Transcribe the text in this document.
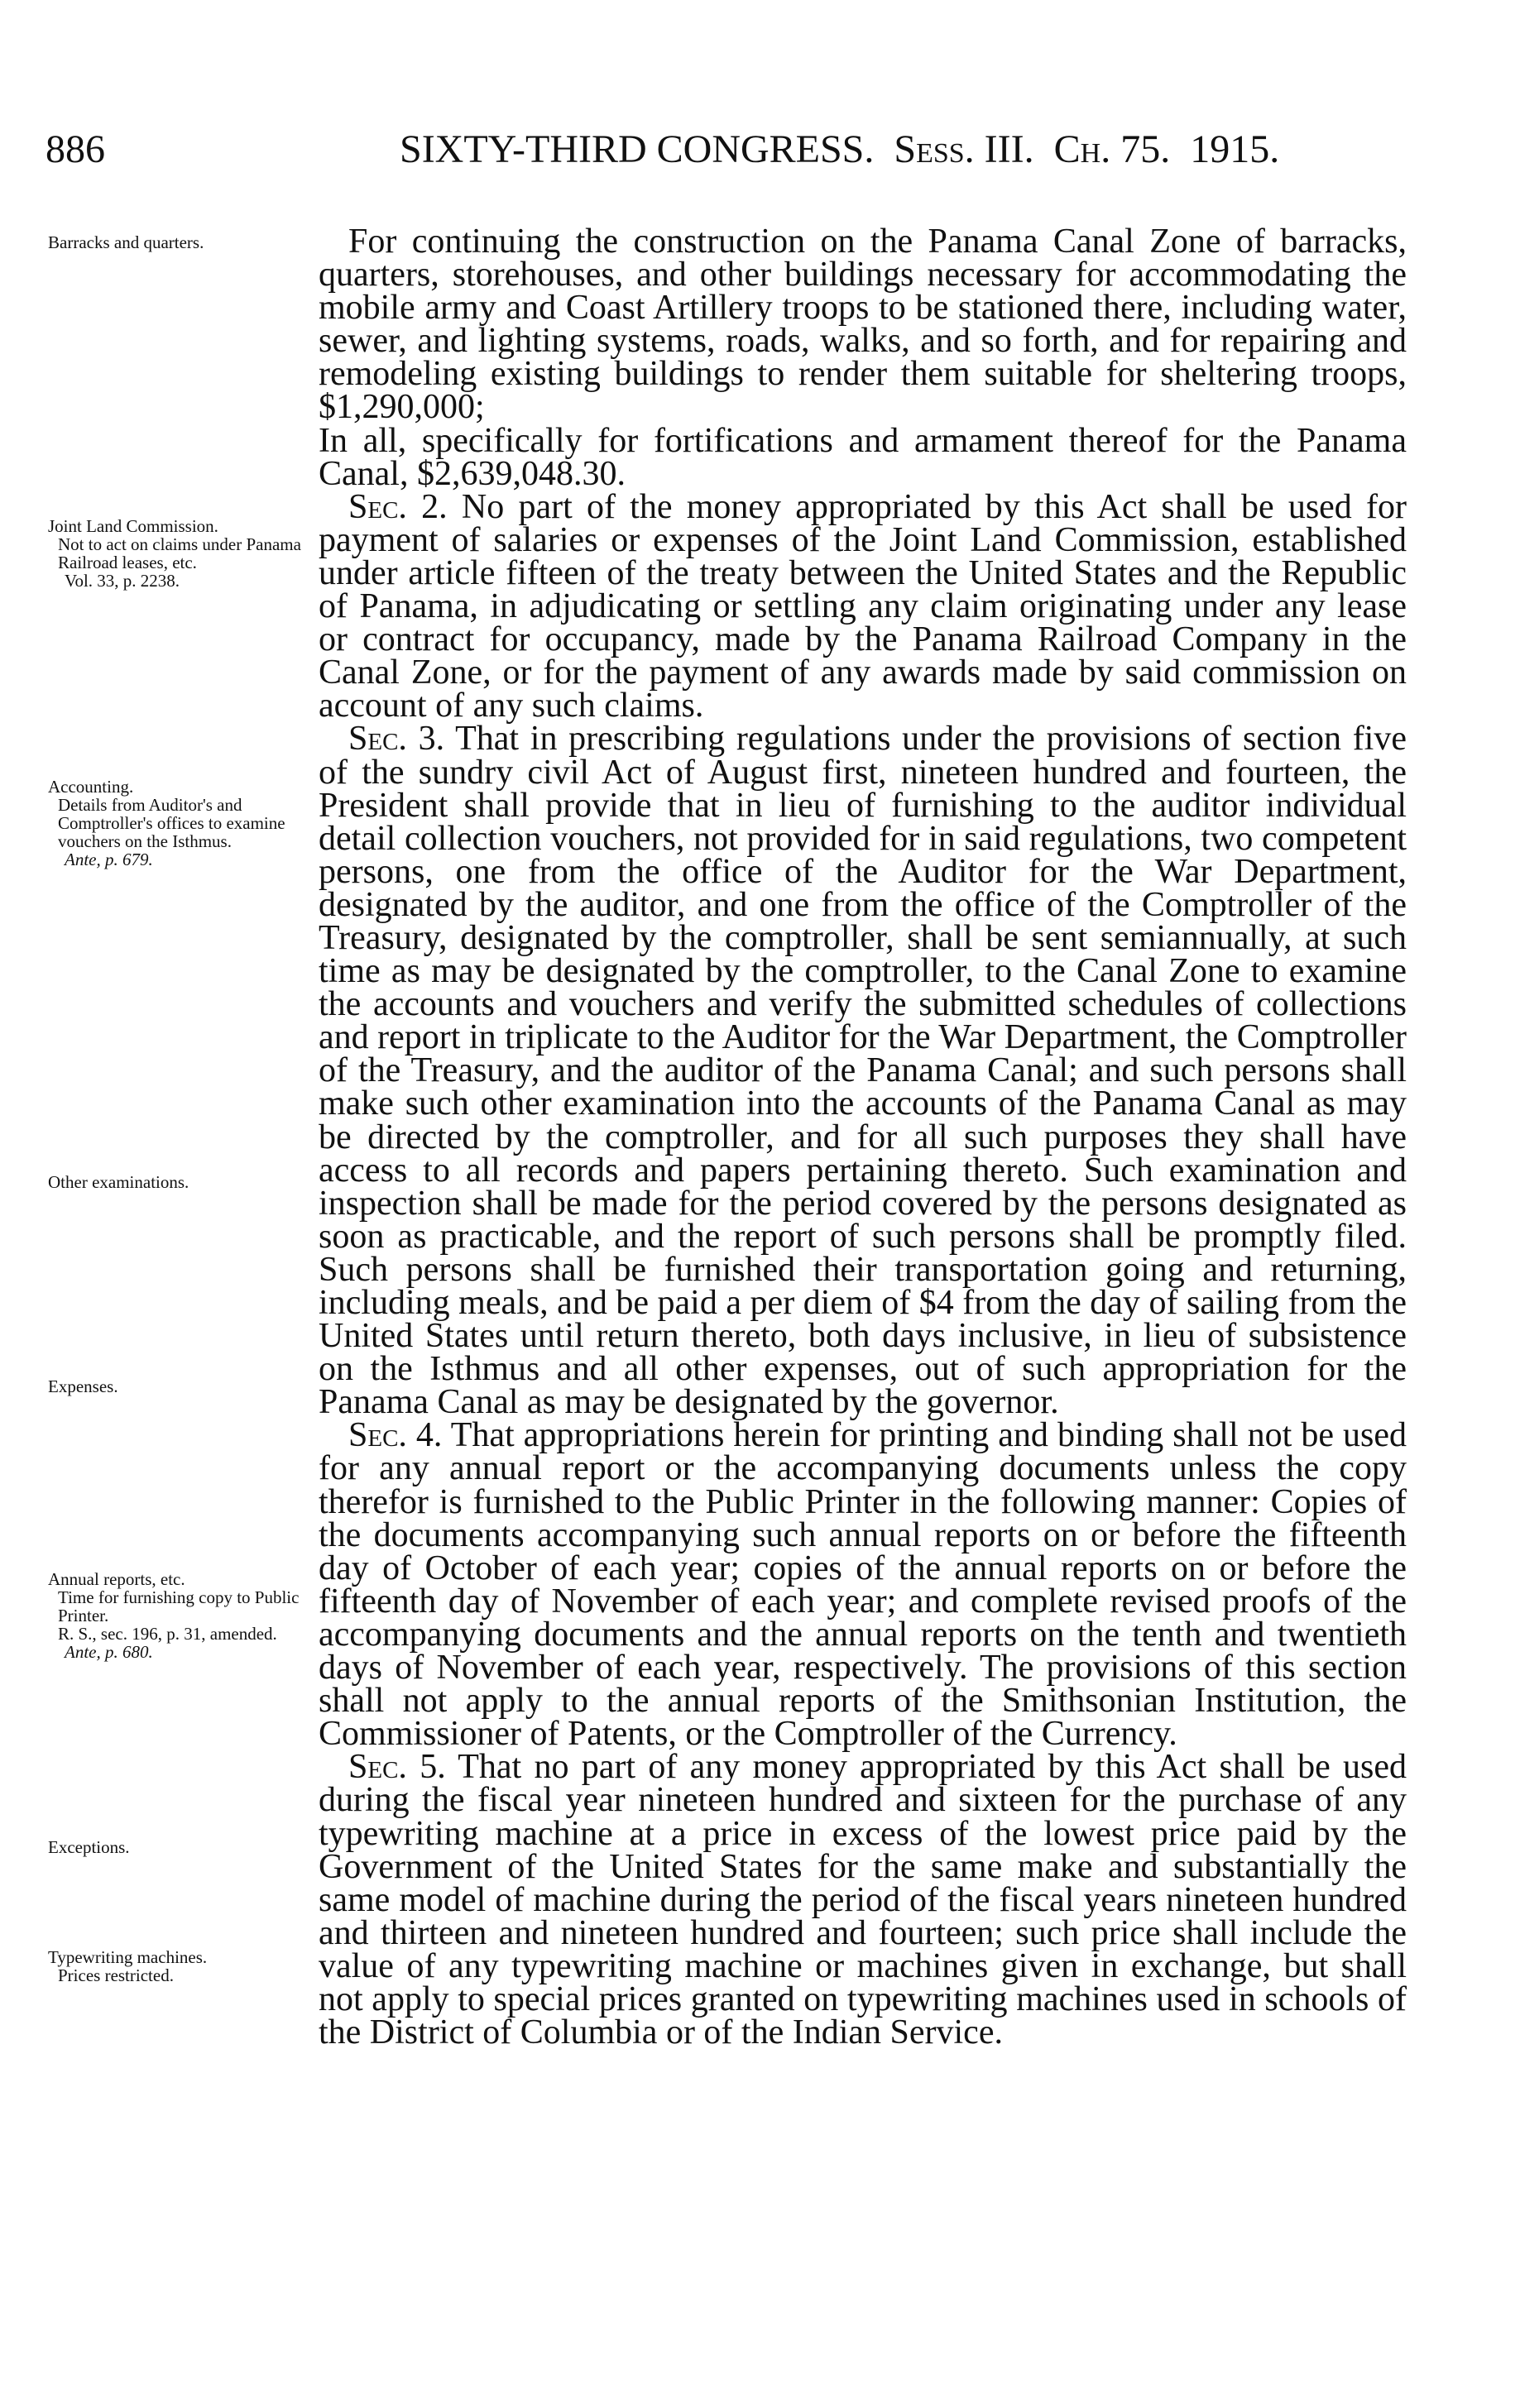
886	SIXTY-THIRD CONGRESS. Sess. III. Ch. 75. 1915.
Barracks and quarters.
Joint Land Commission.
Not to act on claims under Panama Railroad leases, etc.
Vol. 33, p. 2238.
Accounting.
Details from Auditor's and Comptroller's offices to examine vouchers on the Isthmus.
Ante, p. 679.
Other examinations.
Expenses.
Annual reports, etc.
Time for furnishing copy to Public Printer.
R. S., sec. 196, p. 31, amended.
Ante, p. 680.
Exceptions.
Typewriting machines.
Prices restricted.

For continuing the construction on the Panama Canal Zone of barracks, quarters, storehouses, and other buildings necessary for accommodating the mobile army and Coast Artillery troops to be stationed there, including water, sewer, and lighting systems, roads, walks, and so forth, and for repairing and remodeling existing buildings to render them suitable for sheltering troops, $1,290,000;

In all, specifically for fortifications and armament thereof for the Panama Canal, $2,639,048.30.

Sec. 2. No part of the money appropriated by this Act shall be used for payment of salaries or expenses of the Joint Land Commission, established under article fifteen of the treaty between the United States and the Republic of Panama, in adjudicating or settling any claim originating under any lease or contract for occupancy, made by the Panama Railroad Company in the Canal Zone, or for the payment of any awards made by said commission on account of any such claims.

Sec. 3. That in prescribing regulations under the provisions of section five of the sundry civil Act of August first, nineteen hundred and fourteen, the President shall provide that in lieu of furnishing to the auditor individual detail collection vouchers, not provided for in said regulations, two competent persons, one from the office of the Auditor for the War Department, designated by the auditor, and one from the office of the Comptroller of the Treasury, designated by the comptroller, shall be sent semiannually, at such time as may be designated by the comptroller, to the Canal Zone to examine the accounts and vouchers and verify the submitted schedules of collections and report in triplicate to the Auditor for the War Department, the Comptroller of the Treasury, and the auditor of the Panama Canal; and such persons shall make such other examination into the accounts of the Panama Canal as may be directed by the comptroller, and for all such purposes they shall have access to all records and papers pertaining thereto. Such examination and inspection shall be made for the period covered by the persons designated as soon as practicable, and the report of such persons shall be promptly filed. Such persons shall be furnished their transportation going and returning, including meals, and be paid a per diem of $4 from the day of sailing from the United States until return thereto, both days inclusive, in lieu of subsistence on the Isthmus and all other expenses, out of such appropriation for the Panama Canal as may be designated by the governor.

Sec. 4. That appropriations herein for printing and binding shall not be used for any annual report or the accompanying documents unless the copy therefor is furnished to the Public Printer in the following manner: Copies of the documents accompanying such annual reports on or before the fifteenth day of October of each year; copies of the annual reports on or before the fifteenth day of November of each year; and complete revised proofs of the accompanying documents and the annual reports on the tenth and twentieth days of November of each year, respectively. The provisions of this section shall not apply to the annual reports of the Smithsonian Institution, the Commissioner of Patents, or the Comptroller of the Currency.

Sec. 5. That no part of any money appropriated by this Act shall be used during the fiscal year nineteen hundred and sixteen for the purchase of any typewriting machine at a price in excess of the lowest price paid by the Government of the United States for the same make and substantially the same model of machine during the period of the fiscal years nineteen hundred and thirteen and nineteen hundred and fourteen; such price shall include the value of any typewriting machine or machines given in exchange, but shall not apply to special prices granted on typewriting machines used in schools of the District of Columbia or of the Indian Service.
